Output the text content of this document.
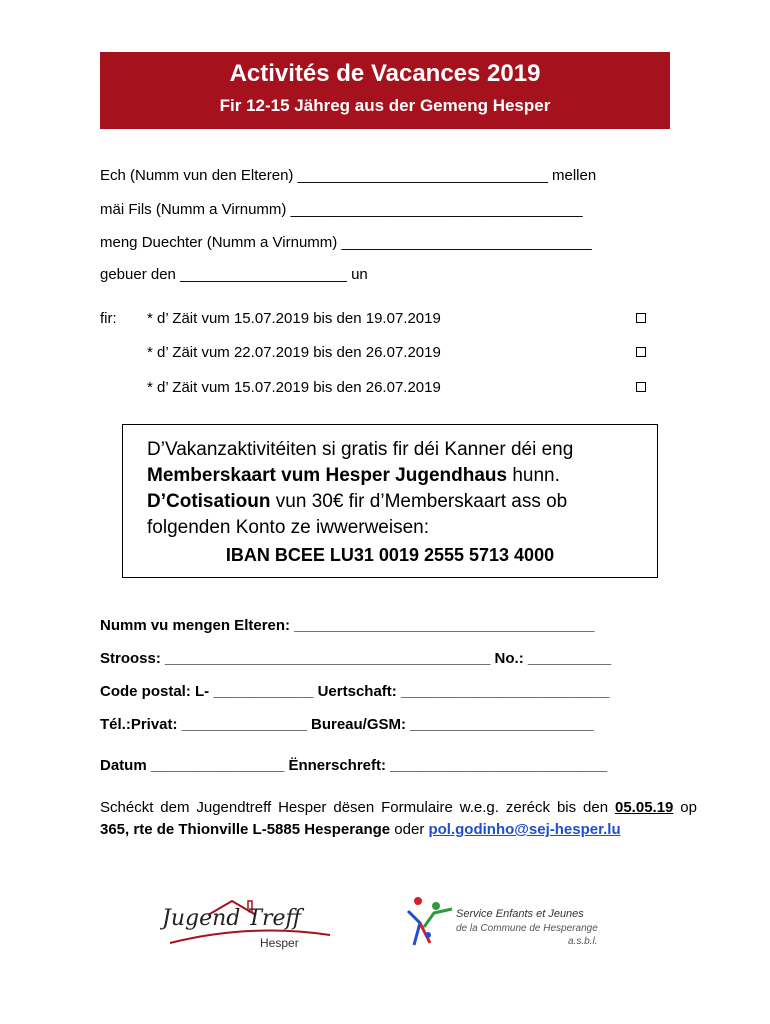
Activités de Vacances 2019
Fir 12-15 Jähreg aus der Gemeng Hesper
Ech (Numm vun den Elteren) ______________________________ mellen
mäi Fils (Numm a Virnumm) ___________________________________
meng Duechter (Numm a Virnumm) ______________________________
gebuer den ____________________ un
fir: * d’ Zäit vum 15.07.2019 bis den 19.07.2019
* d’ Zäit vum 22.07.2019 bis den 26.07.2019
* d’ Zäit vum 15.07.2019 bis den 26.07.2019
D’Vakanzaktivitéiten si gratis fir déi Kanner déi eng
Memberskaart vum Hesper Jugendhaus hunn.
D’Cotisatioun vun 30€ fir d’Memberskaart ass ob
folgenden Konto ze iwwerweisen:
IBAN BCEE LU31 0019 2555 5713 4000
Numm vu mengen Elteren: ____________________________________
Strooss: _______________________________________ No.: __________
Code postal: L- ____________ Uertschaft: _________________________
Tél.:Privat: _______________ Bureau/GSM: ______________________
Datum ________________ Ënnerschreft: __________________________
Schéckt dem Jugendtreff Hesper dësen Formulaire w.e.g. zeréck bis den 05.05.19 op 365, rte de Thionville L-5885 Hesperange oder pol.godinho@sej-hesper.lu
Jugend Treff
Hesper
Service Enfants et Jeunes
de la Commune de Hesperange
a.s.b.l.
